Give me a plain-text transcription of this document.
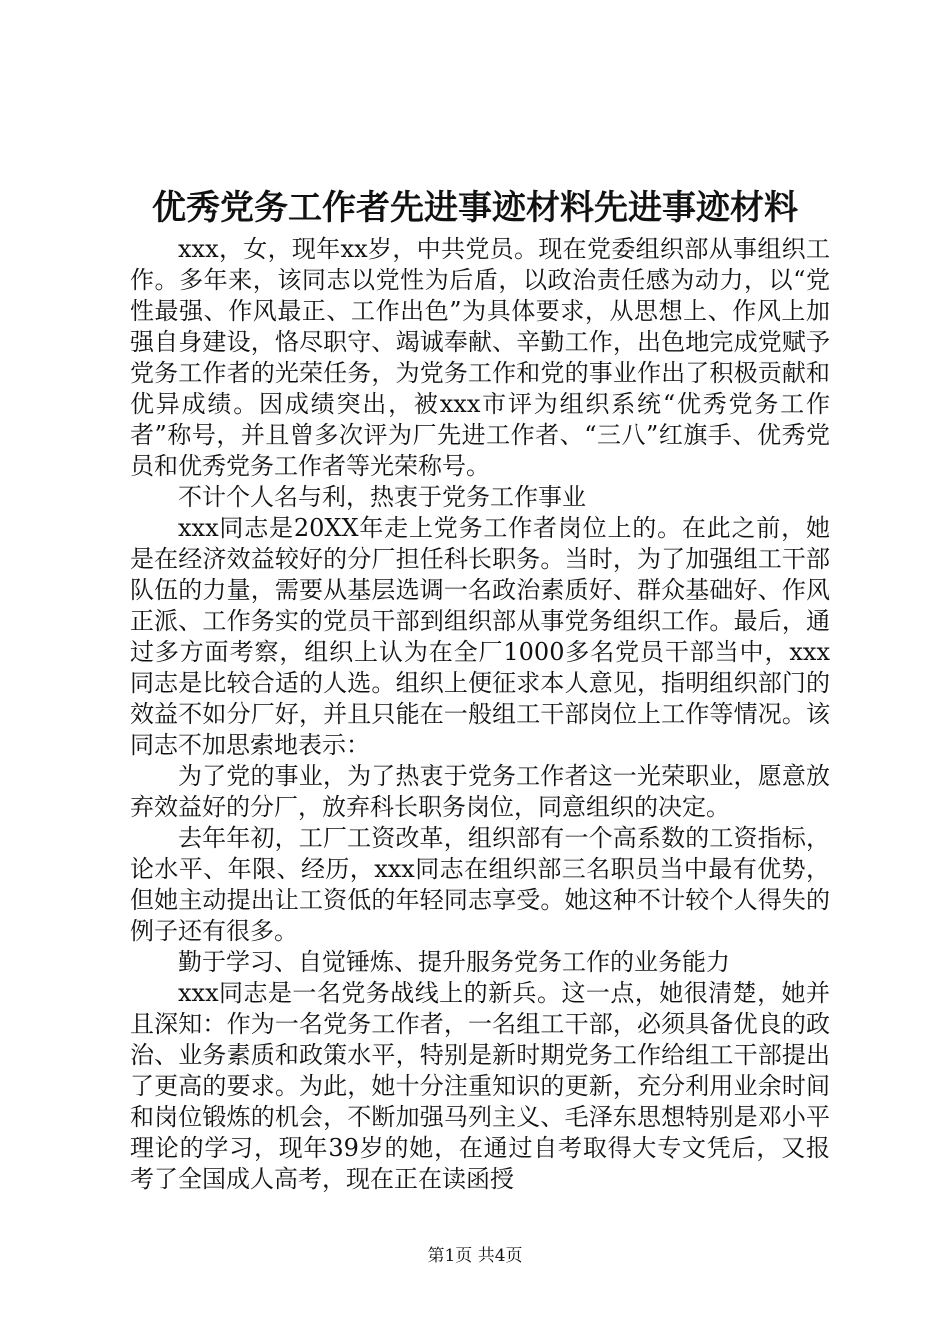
优秀党务工作者先进事迹材料先进事迹材料

xxx，女，现年xx岁，中共党员。现在党委组织部从事组织工作。多年来，该同志以党性为后盾，以政治责任感为动力，以“党性最强、作风最正、工作出色”为具体要求，从思想上、作风上加强自身建设，恪尽职守、竭诚奉献、辛勤工作，出色地完成党赋予党务工作者的光荣任务，为党务工作和党的事业作出了积极贡献和优异成绩。因成绩突出，被xxx市评为组织系统“优秀党务工作者”称号，并且曾多次评为厂先进工作者、“三八”红旗手、优秀党员和优秀党务工作者等光荣称号。

不计个人名与利，热衷于党务工作事业

xxx同志是20XX年走上党务工作者岗位上的。在此之前，她是在经济效益较好的分厂担任科长职务。当时，为了加强组工干部队伍的力量，需要从基层选调一名政治素质好、群众基础好、作风正派、工作务实的党员干部到组织部从事党务组织工作。最后，通过多方面考察，组织上认为在全厂1000多名党员干部当中，xxx同志是比较合适的人选。组织上便征求本人意见，指明组织部门的效益不如分厂好，并且只能在一般组工干部岗位上工作等情况。该同志不加思索地表示：

为了党的事业，为了热衷于党务工作者这一光荣职业，愿意放弃效益好的分厂，放弃科长职务岗位，同意组织的决定。

去年年初，工厂工资改革，组织部有一个高系数的工资指标，论水平、年限、经历，xxx同志在组织部三名职员当中最有优势，但她主动提出让工资低的年轻同志享受。她这种不计较个人得失的例子还有很多。

勤于学习、自觉锤炼、提升服务党务工作的业务能力

xxx同志是一名党务战线上的新兵。这一点，她很清楚，她并且深知：作为一名党务工作者，一名组工干部，必须具备优良的政治、业务素质和政策水平，特别是新时期党务工作给组工干部提出了更高的要求。为此，她十分注重知识的更新，充分利用业余时间和岗位锻炼的机会，不断加强马列主义、毛泽东思想特别是邓小平理论的学习，现年39岁的她，在通过自考取得大专文凭后，又报考了全国成人高考，现在正在读函授

第1页 共4页
